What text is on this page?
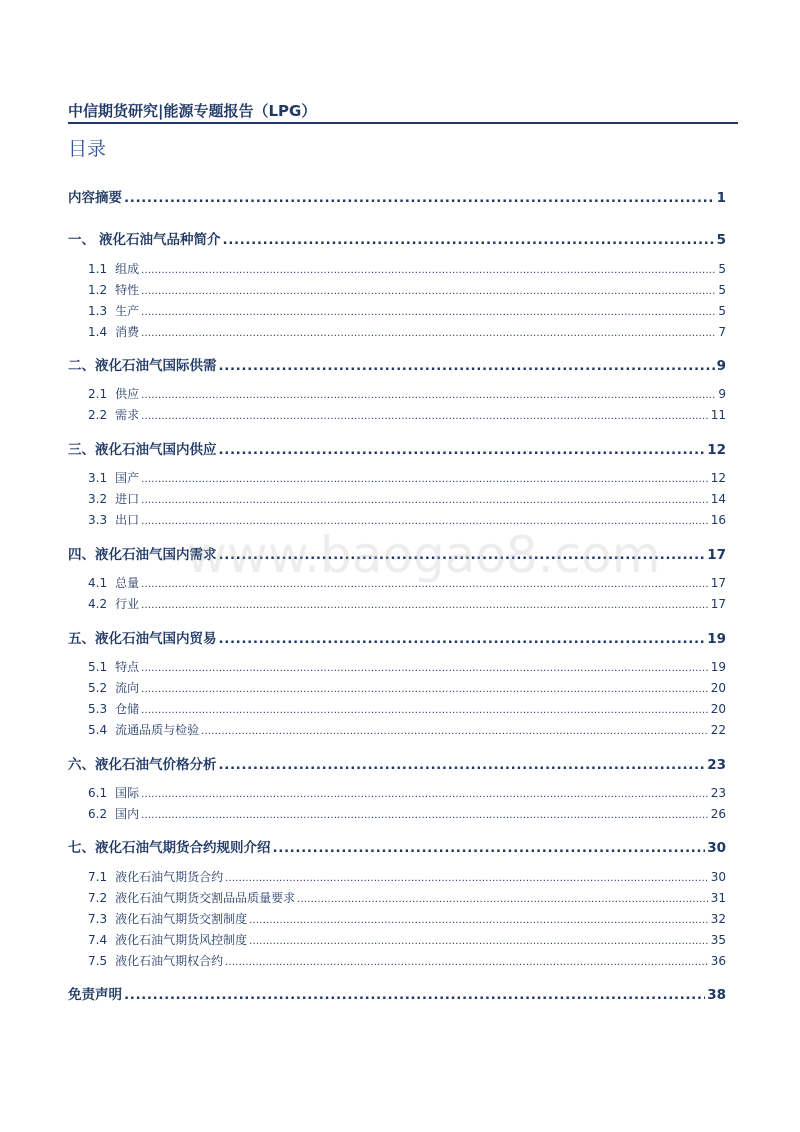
中信期货研究|能源专题报告（LPG）
目录
内容摘要 .....	1
一、 液化石油气品种简介 .....	5
1.1 组成 .....	5
1.2 特性 .....	5
1.3 生产 .....	5
1.4 消费 .....	7
二、液化石油气国际供需 .....	9
2.1 供应 .....	9
2.2 需求 .....	11
三、液化石油气国内供应 .....	12
3.1 国产 .....	12
3.2 进口 .....	14
3.3 出口 .....	16
四、液化石油气国内需求 .....	17
4.1 总量 .....	17
4.2 行业 .....	17
五、液化石油气国内贸易 .....	19
5.1 特点 .....	19
5.2 流向 .....	20
5.3 仓储 .....	20
5.4 流通品质与检验 .....	22
六、液化石油气价格分析 .....	23
6.1 国际 .....	23
6.2 国内 .....	26
七、液化石油气期货合约规则介绍 .....	30
7.1 液化石油气期货合约 .....	30
7.2 液化石油气期货交割品品质量要求 .....	31
7.3 液化石油气期货交割制度 .....	32
7.4 液化石油气期货风控制度 .....	35
7.5 液化石油气期权合约 .....	36
免责声明 .....	38
www.baogao8.com
